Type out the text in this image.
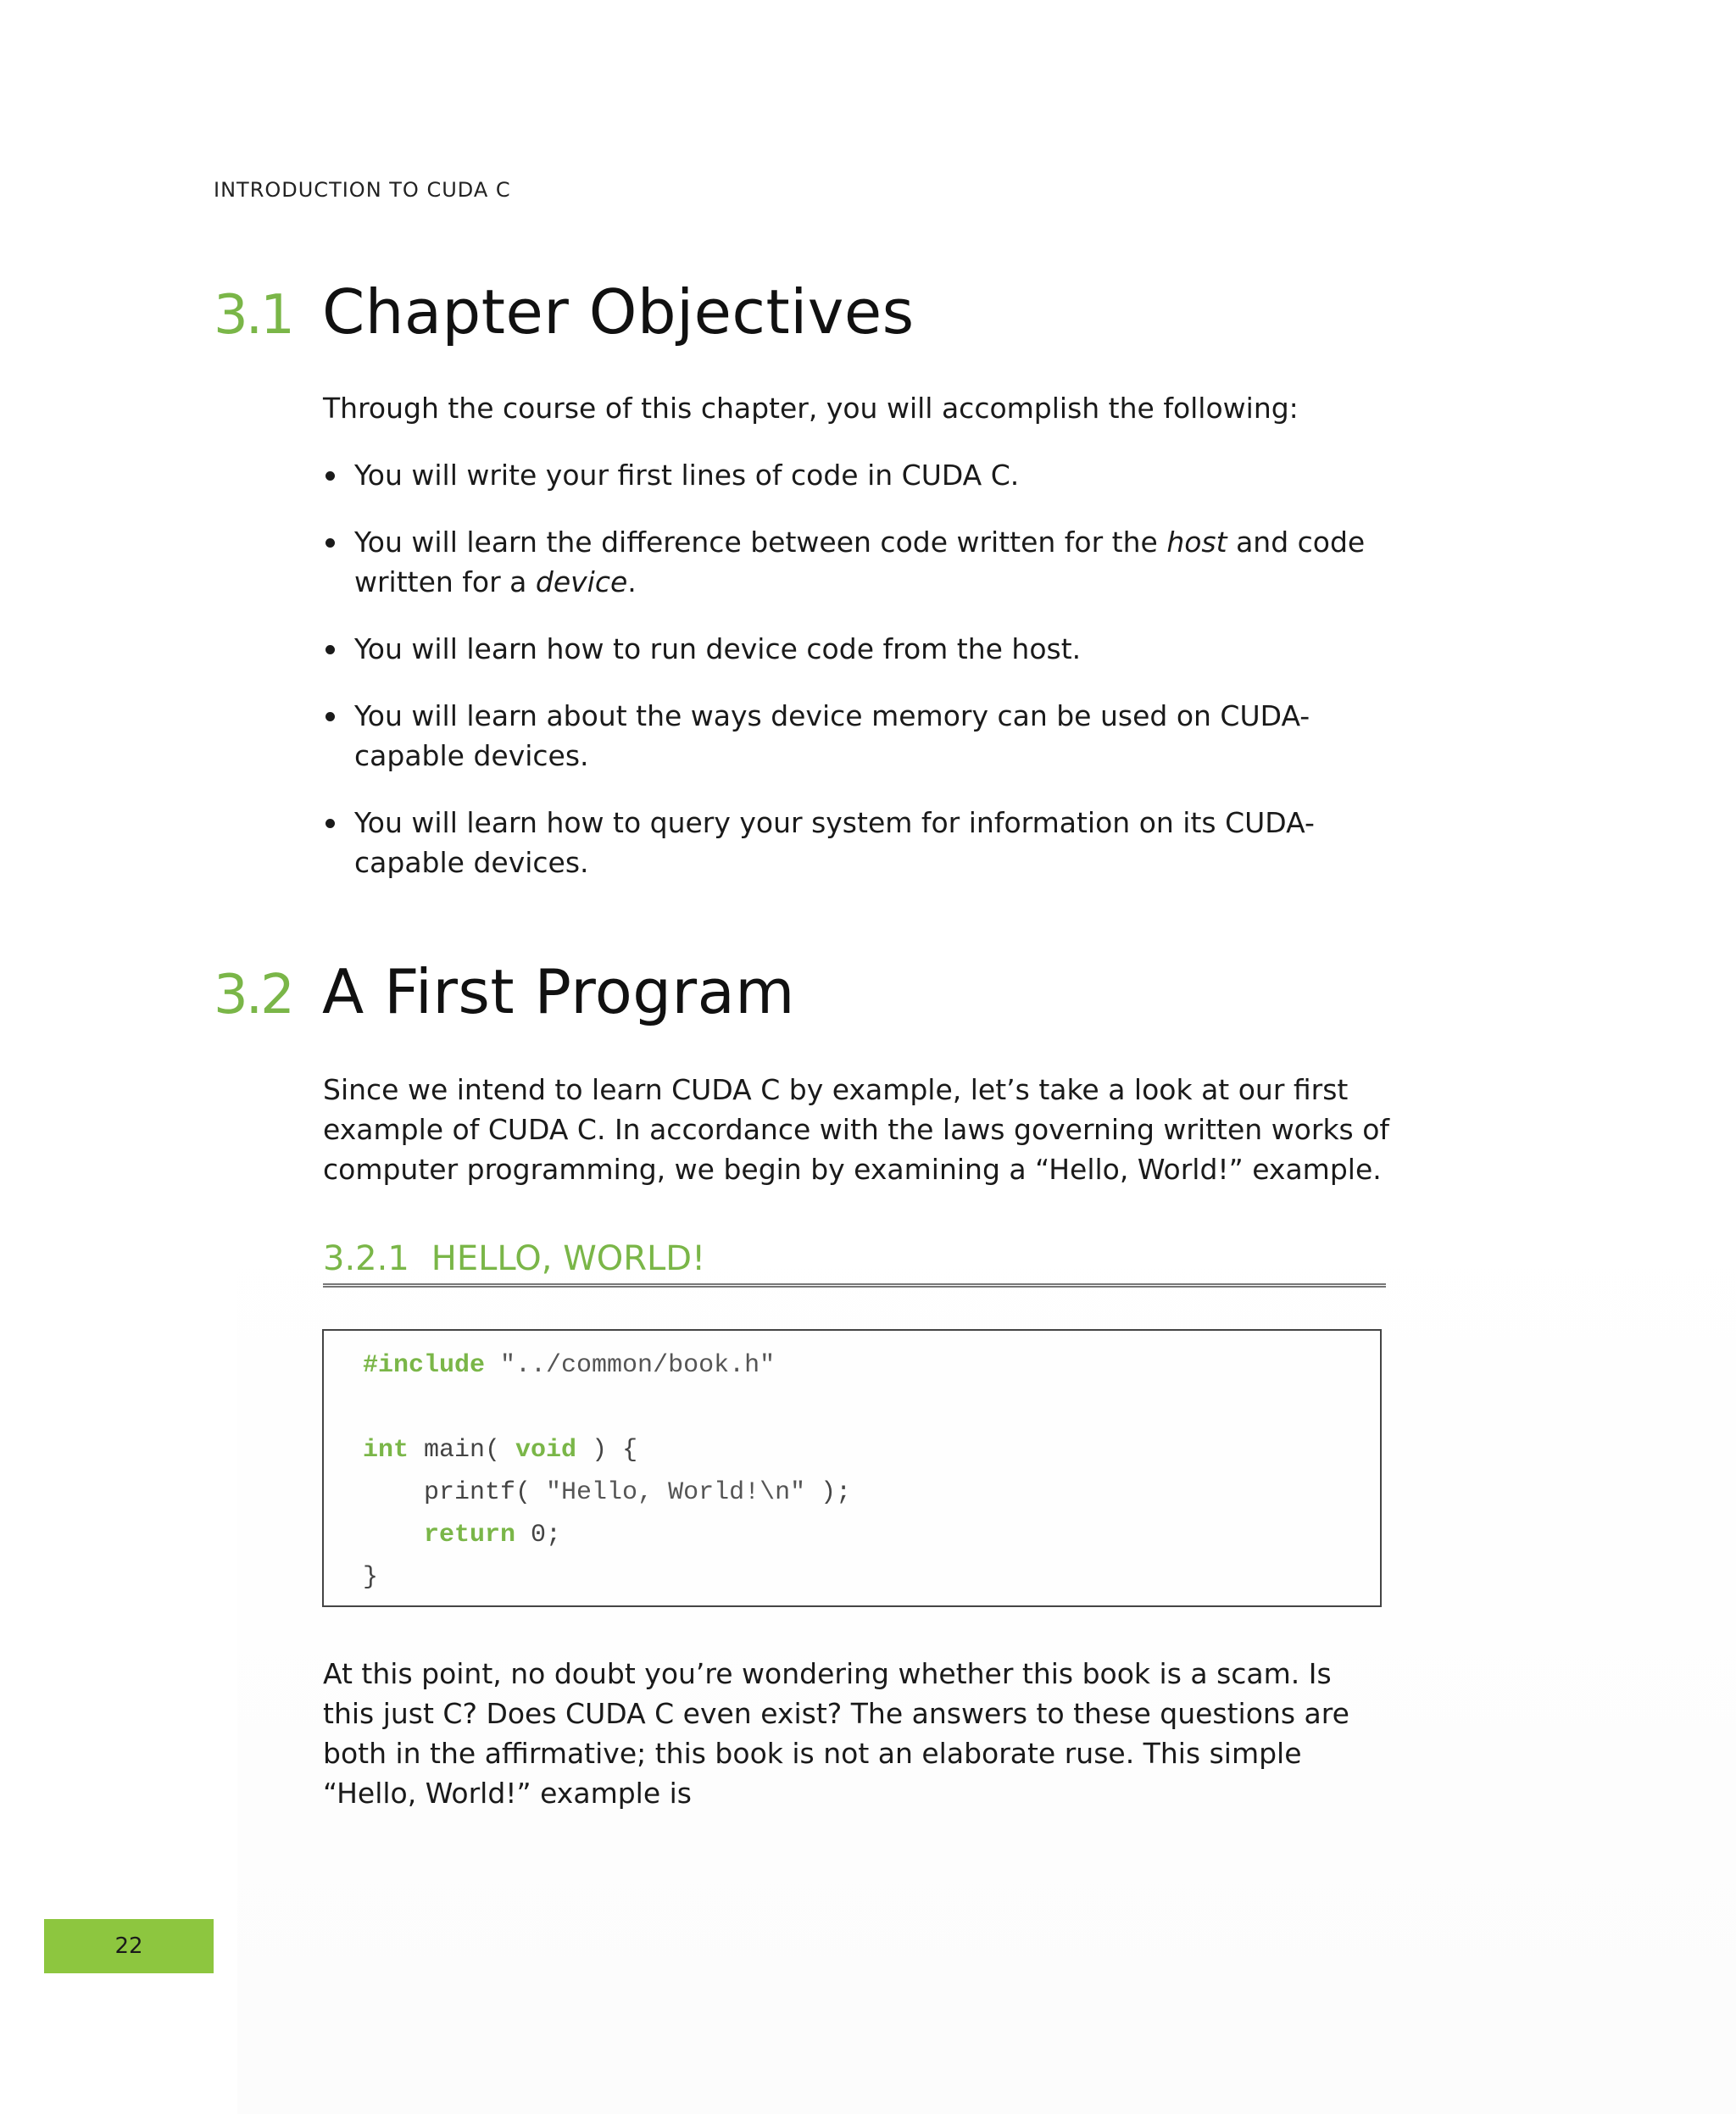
INTRODUCTION TO CUDA C
3.1 Chapter Objectives

Through the course of this chapter, you will accomplish the following:

You will write your first lines of code in CUDA C.
You will learn the difference between code written for the host and code written for a device.
You will learn how to run device code from the host.
You will learn about the ways device memory can be used on CUDA-capable devices.
You will learn how to query your system for information on its CUDA-capable devices.
3.2 A First Program

Since we intend to learn CUDA C by example, let’s take a look at our first example of CUDA C. In accordance with the laws governing written works of computer programming, we begin by examining a “Hello, World!” example.

3.2.1 HELLO, WORLD!
#include "../common/book.h"
int main( void ) {
printf( "Hello, World!\n" );
return 0;
}

At this point, no doubt you’re wondering whether this book is a scam. Is this just C? Does CUDA C even exist? The answers to these questions are both in the affirmative; this book is not an elaborate ruse. This simple “Hello, World!” example is

22
